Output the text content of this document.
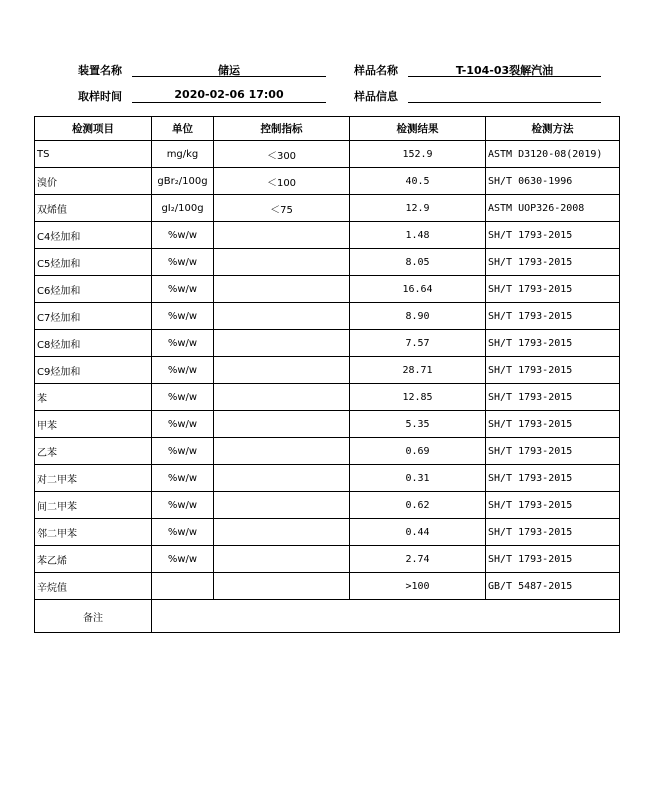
装置名称	储运	样品名称	T-104-03裂解汽油
取样时间	2020-02-06 17:00	样品信息
检测项目	单位	控制指标	检测结果	检测方法
TS	mg/kg	＜300	152.9	ASTM D3120-08(2019)
溴价	gBr₂/100g	＜100	40.5	SH/T 0630-1996
双烯值	gI₂/100g	＜75	12.9	ASTM UOP326-2008
C4烃加和	%w/w		1.48	SH/T 1793-2015
C5烃加和	%w/w		8.05	SH/T 1793-2015
C6烃加和	%w/w		16.64	SH/T 1793-2015
C7烃加和	%w/w		8.90	SH/T 1793-2015
C8烃加和	%w/w		7.57	SH/T 1793-2015
C9烃加和	%w/w		28.71	SH/T 1793-2015
苯	%w/w		12.85	SH/T 1793-2015
甲苯	%w/w		5.35	SH/T 1793-2015
乙苯	%w/w		0.69	SH/T 1793-2015
对二甲苯	%w/w		0.31	SH/T 1793-2015
间二甲苯	%w/w		0.62	SH/T 1793-2015
邻二甲苯	%w/w		0.44	SH/T 1793-2015
苯乙烯	%w/w		2.74	SH/T 1793-2015
辛烷值			>100	GB/T 5487-2015
备注				
